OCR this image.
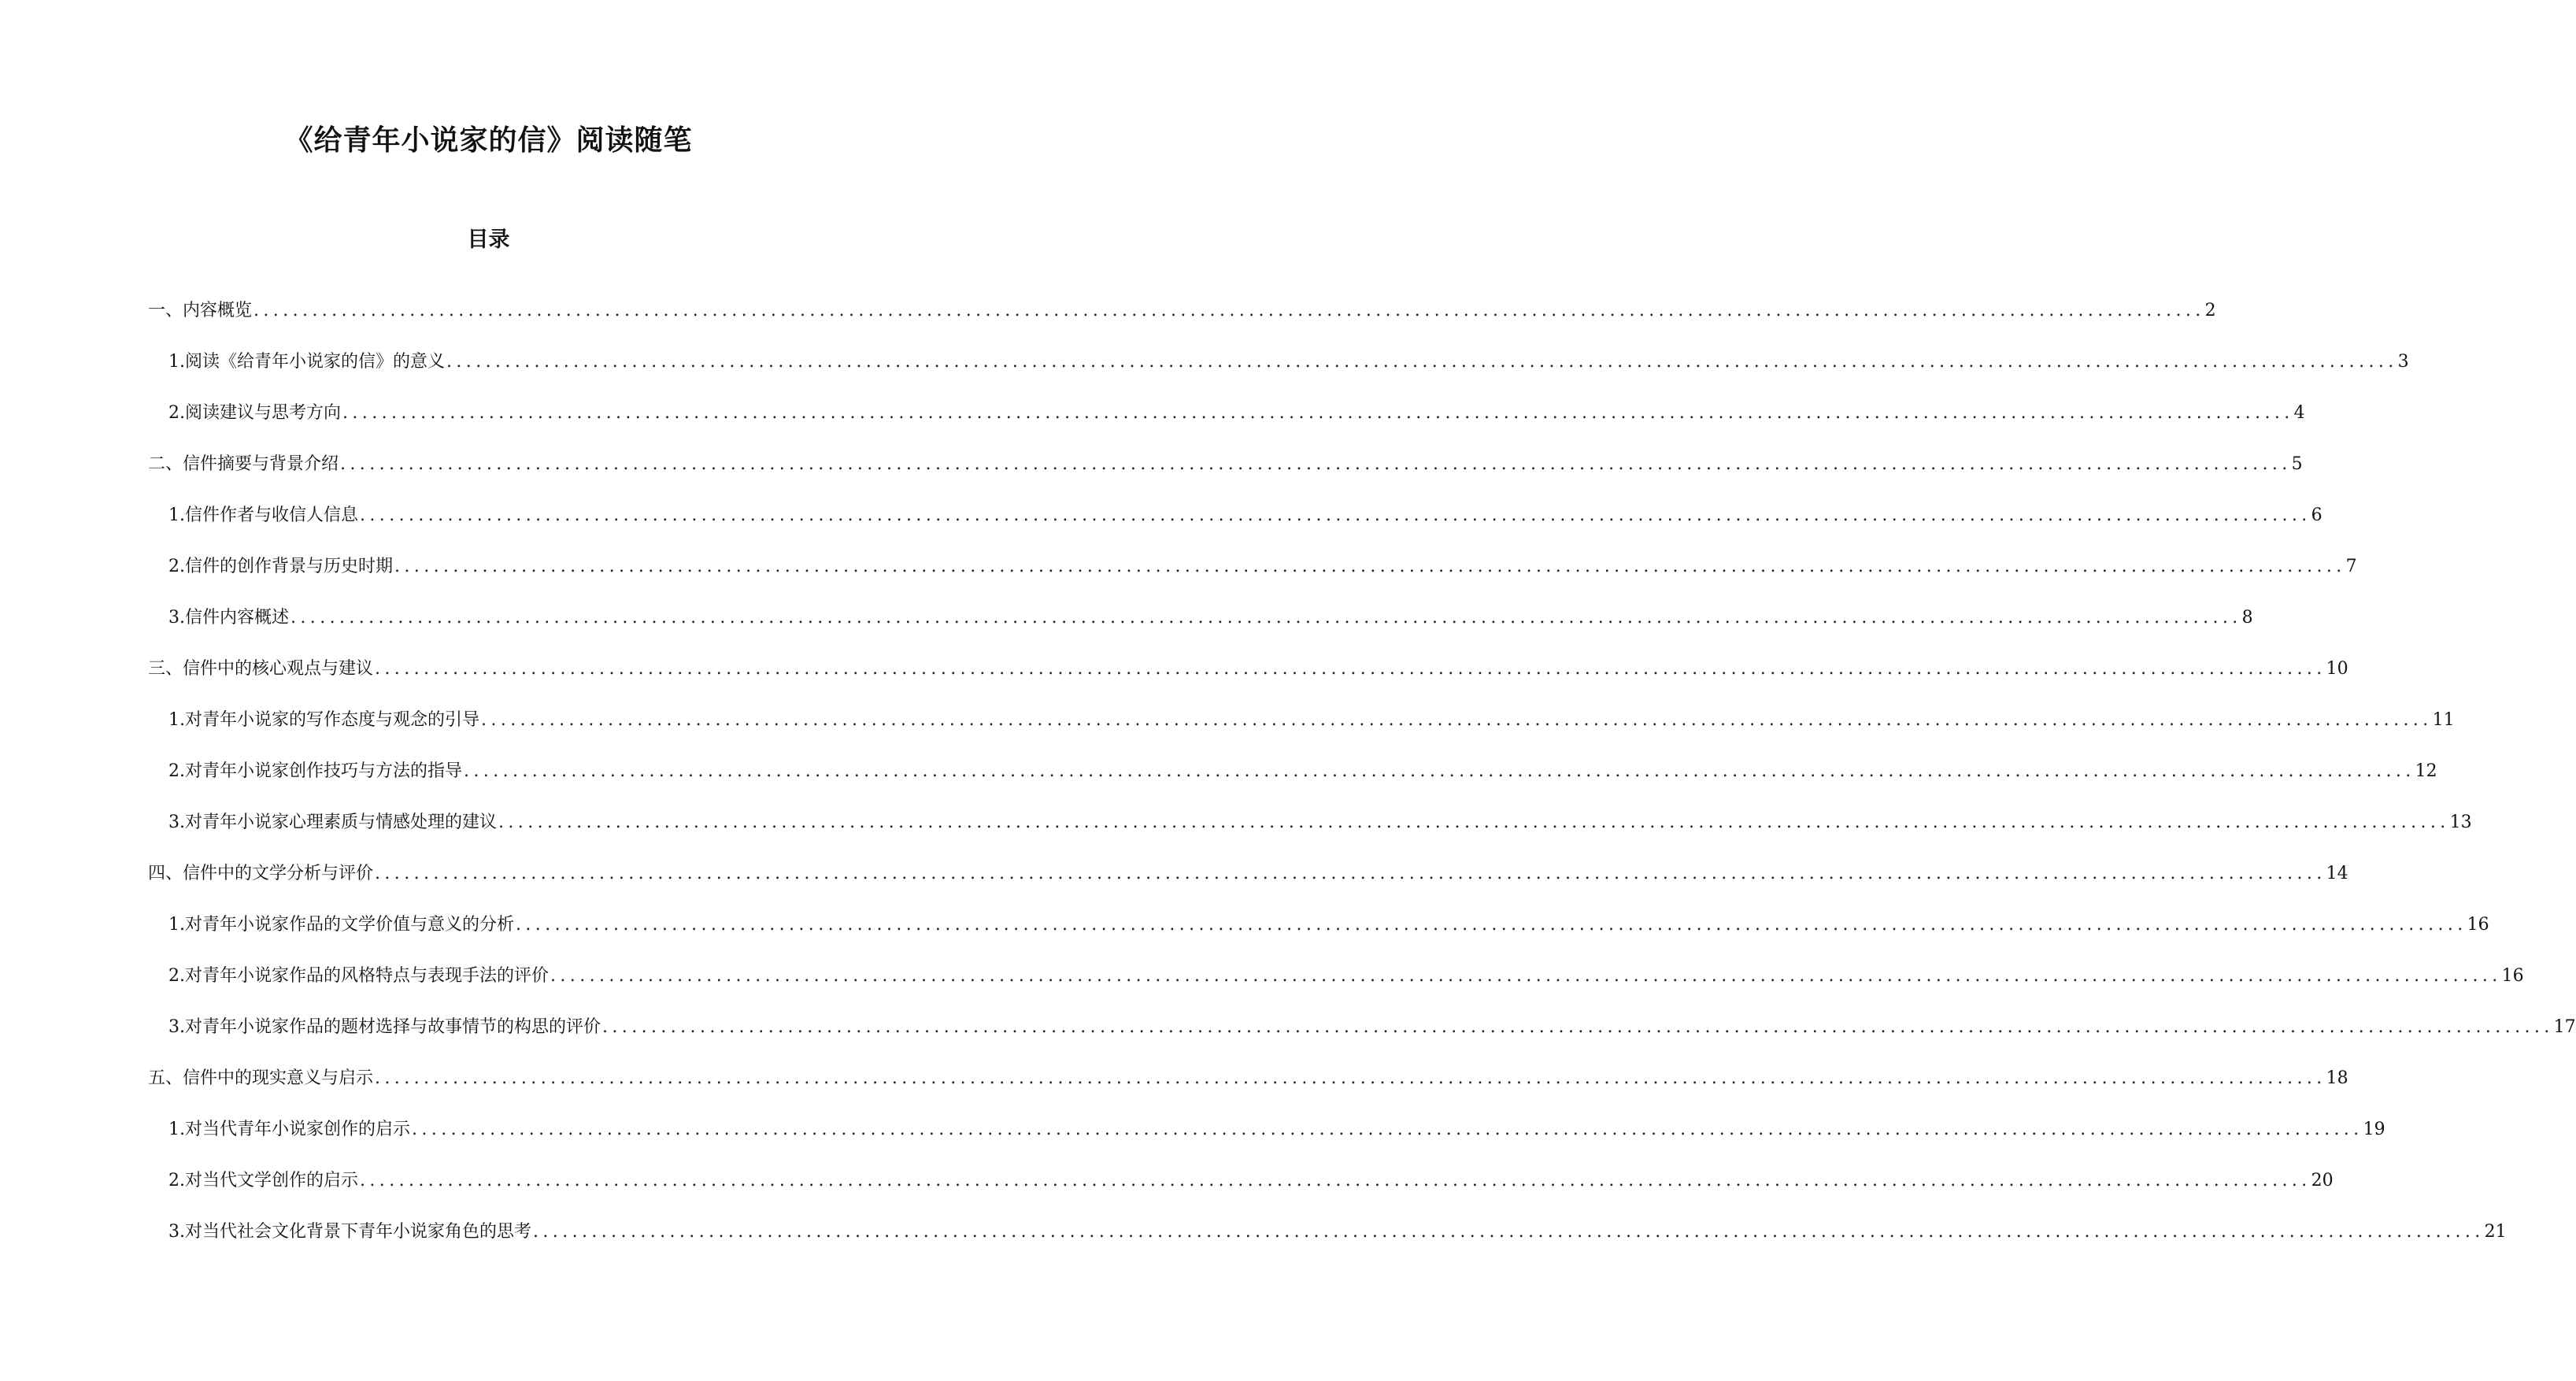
《给青年小说家的信》阅读随笔
目录
一、内容概览 ........................................................................................................................................................................................................ 2
1. 阅读《给青年小说家的信》的意义 ........................................................................................................................................................................................................ 3
2. 阅读建议与思考方向 ........................................................................................................................................................................................................ 4
二、信件摘要与背景介绍 ........................................................................................................................................................................................................ 5
1. 信件作者与收信人信息 ........................................................................................................................................................................................................ 6
2. 信件的创作背景与历史时期 ........................................................................................................................................................................................................ 7
3. 信件内容概述 ........................................................................................................................................................................................................ 8
三、信件中的核心观点与建议 ........................................................................................................................................................................................................ 10
1. 对青年小说家的写作态度与观念的引导 ........................................................................................................................................................................................................ 11
2. 对青年小说家创作技巧与方法的指导 ........................................................................................................................................................................................................ 12
3. 对青年小说家心理素质与情感处理的建议 ........................................................................................................................................................................................................ 13
四、信件中的文学分析与评价 ........................................................................................................................................................................................................ 14
1. 对青年小说家作品的文学价值与意义的分析 ........................................................................................................................................................................................................ 16
2. 对青年小说家作品的风格特点与表现手法的评价 ........................................................................................................................................................................................................ 16
3. 对青年小说家作品的题材选择与故事情节的构思的评价 ........................................................................................................................................................................................................ 17
五、信件中的现实意义与启示 ........................................................................................................................................................................................................ 18
1. 对当代青年小说家创作的启示 ........................................................................................................................................................................................................ 19
2. 对当代文学创作的启示 ........................................................................................................................................................................................................ 20
3. 对当代社会文化背景下青年小说家角色的思考 ........................................................................................................................................................................................................ 21
